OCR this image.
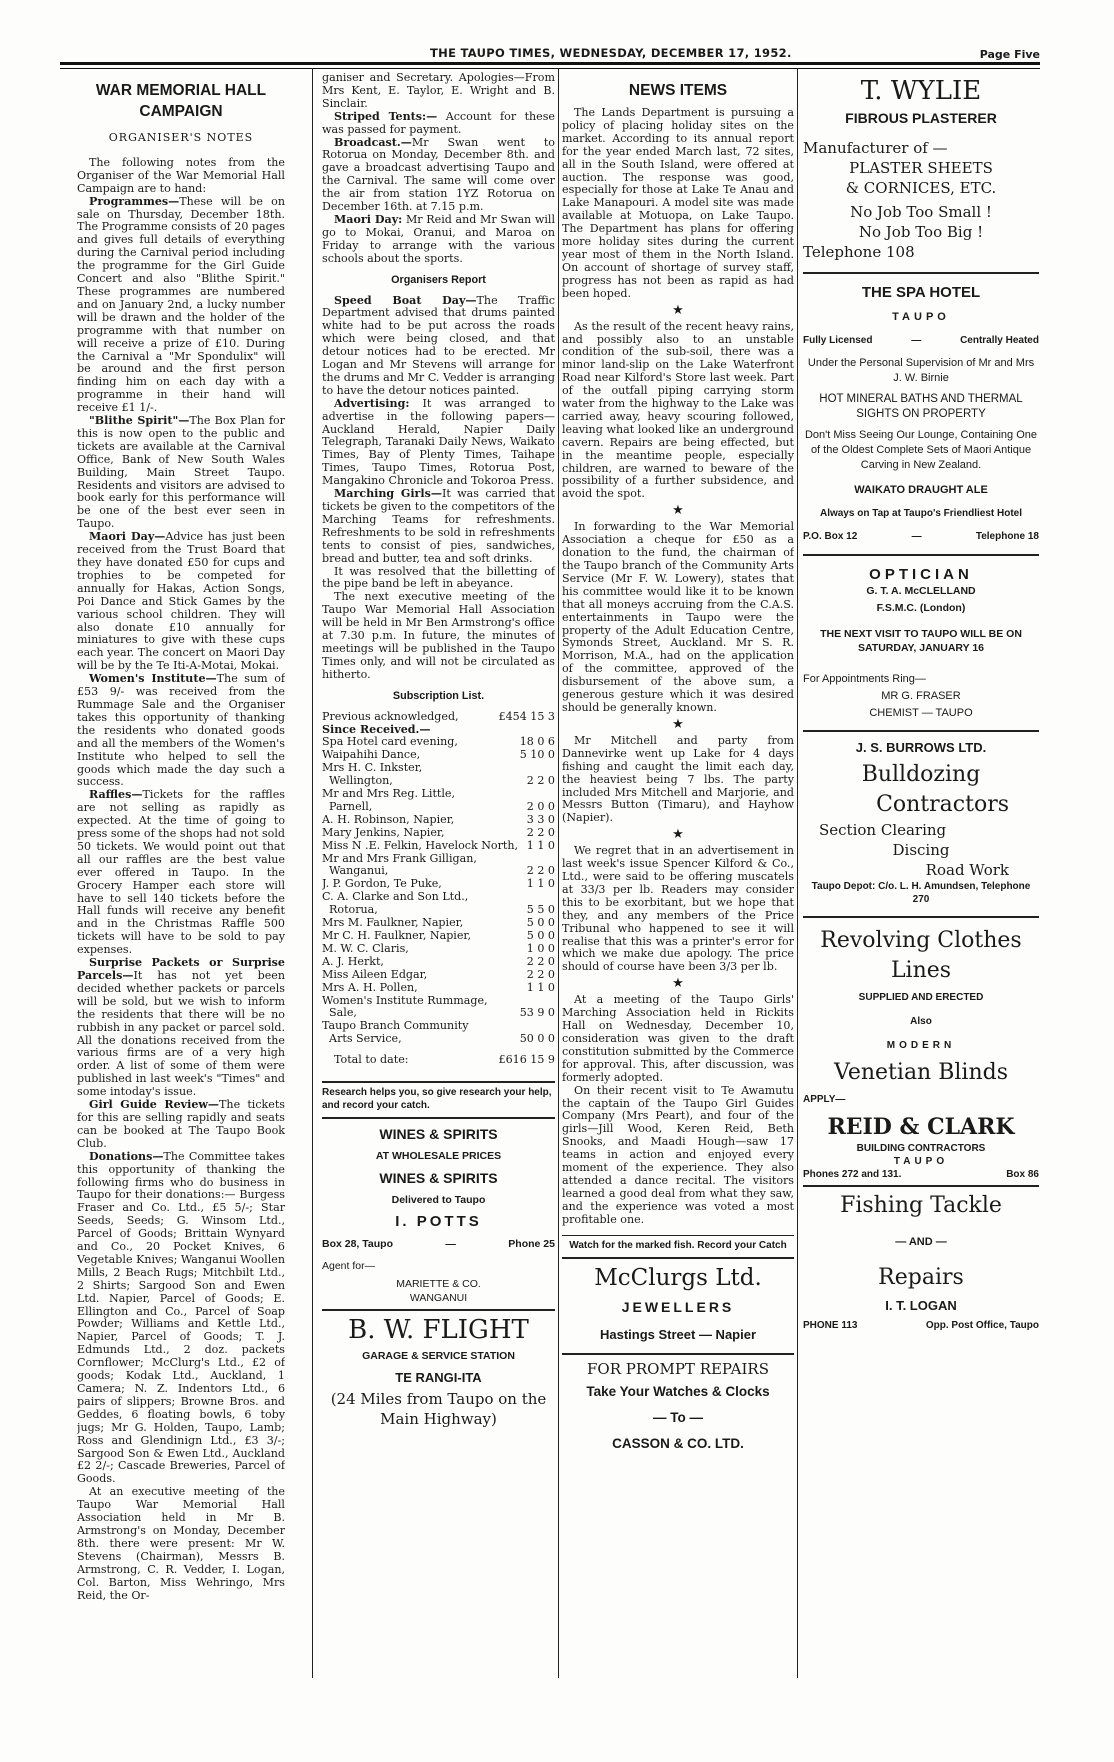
THE TAUPO TIMES, WEDNESDAY, DECEMBER 17, 1952.	Page Five
WAR MEMORIAL HALL
CAMPAIGN
ORGANISER'S NOTES

The following notes from the Organiser of the War Memorial Hall Campaign are to hand:

Programmes—These will be on sale on Thursday, December 18th. The Programme consists of 20 pages and gives full details of everything during the Carnival period including the programme for the Girl Guide Concert and also "Blithe Spirit." These programmes are numbered and on January 2nd, a lucky number will be drawn and the holder of the programme with that number on will receive a prize of £10. During the Carnival a "Mr Spondulix" will be around and the first person finding him on each day with a programme in their hand will receive £1 1/-.

"Blithe Spirit"—The Box Plan for this is now open to the public and tickets are available at the Carnival Office, Bank of New South Wales Building, Main Street Taupo. Residents and visitors are advised to book early for this performance will be one of the best ever seen in Taupo.

Maori Day—Advice has just been received from the Trust Board that they have donated £50 for cups and trophies to be competed for annually for Hakas, Action Songs, Poi Dance and Stick Games by the various school children. They will also donate £10 annually for miniatures to give with these cups each year. The concert on Maori Day will be by the Te Iti-A-Motai, Mokai.

Women's Institute—The sum of £53 9/- was received from the Rummage Sale and the Organiser takes this opportunity of thanking the residents who donated goods and all the members of the Women's Institute who helped to sell the goods which made the day such a success.

Raffles—Tickets for the raffles are not selling as rapidly as expected. At the time of going to press some of the shops had not sold 50 tickets. We would point out that all our raffles are the best value ever offered in Taupo. In the Grocery Hamper each store will have to sell 140 tickets before the Hall funds will receive any benefit and in the Christmas Raffle 500 tickets will have to be sold to pay expenses.

Surprise Packets or Surprise Parcels—It has not yet been decided whether packets or parcels will be sold, but we wish to inform the residents that there will be no rubbish in any packet or parcel sold. All the donations received from the various firms are of a very high order. A list of some of them were published in last week's "Times" and some intoday's issue.

Girl Guide Review—The tickets for this are selling rapidly and seats can be booked at The Taupo Book Club.

Donations—The Committee takes this opportunity of thanking the following firms who do business in Taupo for their donations:— Burgess Fraser and Co. Ltd., £5 5/-; Star Seeds, Seeds; G. Winsom Ltd., Parcel of Goods; Brittain Wynyard and Co., 20 Pocket Knives, 6 Vegetable Knives; Wanganui Woollen Mills, 2 Beach Rugs; Mitchbilt Ltd., 2 Shirts; Sargood Son and Ewen Ltd. Napier, Parcel of Goods; E. Ellington and Co., Parcel of Soap Powder; Williams and Kettle Ltd., Napier, Parcel of Goods; T. J. Edmunds Ltd., 2 doz. packets Cornflower; McClurg's Ltd., £2 of goods; Kodak Ltd., Auckland, 1 Camera; N. Z. Indentors Ltd., 6 pairs of slippers; Browne Bros. and Geddes, 6 floating bowls, 6 toby jugs; Mr G. Holden, Taupo, Lamb; Ross and Glendinign Ltd., £3 3/-; Sargood Son & Ewen Ltd., Auckland £2 2/-; Cascade Breweries, Parcel of Goods.

At an executive meeting of the Taupo War Memorial Hall Association held in Mr B. Armstrong's on Monday, December 8th. there were present: Mr W. Stevens (Chairman), Messrs B. Armstrong, C. R. Vedder, I. Logan, Col. Barton, Miss Wehringo, Mrs Reid, the Or-

ganiser and Secretary. Apologies—From Mrs Kent, E. Taylor, E. Wright and B. Sinclair.

Striped Tents:— Account for these was passed for payment.

Broadcast.—Mr Swan went to Rotorua on Monday, December 8th. and gave a broadcast advertising Taupo and the Carnival. The same will come over the air from station 1YZ Rotorua on December 16th. at 7.15 p.m.

Maori Day: Mr Reid and Mr Swan will go to Mokai, Oranui, and Maroa on Friday to arrange with the various schools about the sports.

Organisers Report

Speed Boat Day—The Traffic Department advised that drums painted white had to be put across the roads which were being closed, and that detour notices had to be erected. Mr Logan and Mr Stevens will arrange for the drums and Mr C. Vedder is arranging to have the detour notices painted.

Advertising: It was arranged to advertise in the following papers—Auckland Herald, Napier Daily Telegraph, Taranaki Daily News, Waikato Times, Bay of Plenty Times, Taihape Times, Taupo Times, Rotorua Post, Mangakino Chronicle and Tokoroa Press.

Marching Girls—It was carried that tickets be given to the competitors of the Marching Teams for refreshments. Refreshments to be sold in refreshments tents to consist of pies, sandwiches, bread and butter, tea and soft drinks.

It was resolved that the billetting of the pipe band be left in abeyance.

The next executive meeting of the Taupo War Memorial Hall Association will be held in Mr Ben Armstrong's office at 7.30 p.m. In future, the minutes of meetings will be published in the Taupo Times only, and will not be circulated as hitherto.

Subscription List.
Previous acknowledged,	£454 15 3
Since Received.—
Spa Hotel card evening,	18 0 6
Waipahihi Dance,	5 10 0
Mrs H. C. Inkster,
Wellington,	2 2 0
Mr and Mrs Reg. Little,
Parnell,	2 0 0
A. H. Robinson, Napier,	3 3 0
Mary Jenkins, Napier,	2 2 0
Miss N .E. Felkin, Havelock North, 1 1 0
Mr and Mrs Frank Gilligan,
Wanganui,	2 2 0
J. P. Gordon, Te Puke,	1 1 0
C. A. Clarke and Son Ltd.,
Rotorua,	5 5 0
Mrs M. Faulkner, Napier,	5 0 0
Mr C. H. Faulkner, Napier,	5 0 0
M. W. C. Claris,	1 0 0
A. J. Herkt,	2 2 0
Miss Aileen Edgar,	2 2 0
Mrs A. H. Pollen,	1 1 0
Women's Institute Rummage,
Sale,	53 9 0
Taupo Branch Community
Arts Service,	50 0 0
Total to date:	£616 15 9
Research helps you, so give research your help, and record your catch.
WINES & SPIRITS
AT WHOLESALE PRICES
WINES & SPIRITS
Delivered to Taupo
I. POTTS
Box 28, Taupo	—	Phone 25
Agent for—
MARIETTE & CO.
WANGANUI
B. W. FLIGHT
GARAGE & SERVICE STATION
TE RANGI-ITA
(24 Miles from Taupo on the Main Highway)
NEWS ITEMS

The Lands Department is pursuing a policy of placing holiday sites on the market. According to its annual report for the year ended March last, 72 sites, all in the South Island, were offered at auction. The response was good, especially for those at Lake Te Anau and Lake Manapouri. A model site was made available at Motuopa, on Lake Taupo. The Department has plans for offering more holiday sites during the current year most of them in the North Island. On account of shortage of survey staff, progress has not been as rapid as had been hoped.

★

As the result of the recent heavy rains, and possibly also to an unstable condition of the sub-soil, there was a minor land-slip on the Lake Waterfront Road near Kilford's Store last week. Part of the outfall piping carrying storm water from the highway to the Lake was carried away, heavy scouring followed, leaving what looked like an underground cavern. Repairs are being effected, but in the meantime people, especially children, are warned to beware of the possibility of a further subsidence, and avoid the spot.

★

In forwarding to the War Memorial Association a cheque for £50 as a donation to the fund, the chairman of the Taupo branch of the Community Arts Service (Mr F. W. Lowery), states that his committee would like it to be known that all moneys accruing from the C.A.S. entertainments in Taupo were the property of the Adult Education Centre, Symonds Street, Auckland. Mr S. R. Morrison, M.A., had on the application of the committee, approved of the disbursement of the above sum, a generous gesture which it was desired should be generally known.

★

Mr Mitchell and party from Dannevirke went up Lake for 4 days fishing and caught the limit each day, the heaviest being 7 lbs. The party included Mrs Mitchell and Marjorie, and Messrs Button (Timaru), and Hayhow (Napier).

★

We regret that in an advertisement in last week's issue Spencer Kilford & Co., Ltd., were said to be offering muscatels at 33/3 per lb. Readers may consider this to be exorbitant, but we hope that they, and any members of the Price Tribunal who happened to see it will realise that this was a printer's error for which we make due apology. The price should of course have been 3/3 per lb.

★

At a meeting of the Taupo Girls' Marching Association held in Rickits Hall on Wednesday, December 10, consideration was given to the draft constitution submitted by the Commerce for approval. This, after discussion, was formerly adopted.

On their recent visit to Te Awamutu the captain of the Taupo Girl Guides Company (Mrs Peart), and four of the girls—Jill Wood, Keren Reid, Beth Snooks, and Maadi Hough—saw 17 teams in action and enjoyed every moment of the experience. They also attended a dance recital. The visitors learned a good deal from what they saw, and the experience was voted a most profitable one.

Watch for the marked fish. Record your Catch
McClurgs Ltd.
JEWELLERS
Hastings Street — Napier
FOR PROMPT REPAIRS
Take Your Watches & Clocks
— To —
CASSON & CO. LTD.
T. WYLIE
FIBROUS PLASTERER
Manufacturer of —
PLASTER SHEETS
& CORNICES, ETC.
No Job Too Small !
No Job Too Big !
Telephone 108
THE SPA HOTEL
TAUPO
Fully Licensed	—	Centrally Heated
Under the Personal Supervision of Mr and Mrs J. W. Birnie
HOT MINERAL BATHS AND THERMAL SIGHTS ON PROPERTY
Don't Miss Seeing Our Lounge, Containing One of the Oldest Complete Sets of Maori Antique Carving in New Zealand.
WAIKATO DRAUGHT ALE
Always on Tap at Taupo's Friendliest Hotel
P.O. Box 12	—	Telephone 18
OPTICIAN
G. T. A. McCLELLAND
F.S.M.C. (London)
THE NEXT VISIT TO TAUPO WILL BE ON SATURDAY, JANUARY 16
For Appointments Ring—
MR G. FRASER
CHEMIST — TAUPO
J. S. BURROWS LTD.
Bulldozing
Contractors
Section Clearing
Discing
Road Work
Taupo Depot: C/o. L. H. Amundsen, Telephone 270
Revolving Clothes
Lines
SUPPLIED AND ERECTED
Also
MODERN
Venetian Blinds
APPLY—
REID & CLARK
BUILDING CONTRACTORS
TAUPO
Phones 272 and 131.	Box 86
Fishing Tackle
— AND —
Repairs
I. T. LOGAN
PHONE 113	Opp. Post Office, Taupo
